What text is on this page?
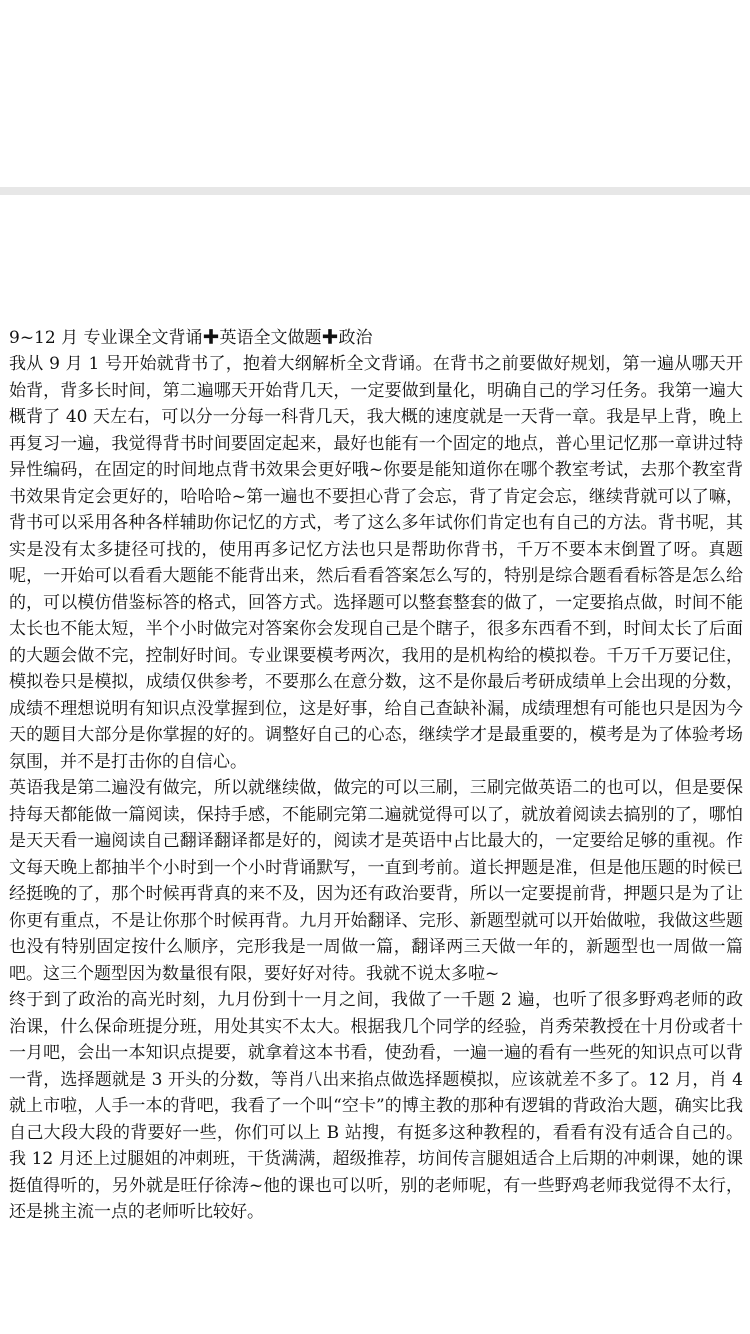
9~12 月 专业课全文背诵✚英语全文做题✚政治

我从 9 月 1 号开始就背书了，抱着大纲解析全文背诵。在背书之前要做好规划，第一遍从哪天开始背，背多长时间，第二遍哪天开始背几天，一定要做到量化，明确自己的学习任务。我第一遍大概背了 40 天左右，可以分一分每一科背几天，我大概的速度就是一天背一章。我是早上背，晚上再复习一遍，我觉得背书时间要固定起来，最好也能有一个固定的地点，普心里记忆那一章讲过特异性编码，在固定的时间地点背书效果会更好哦~你要是能知道你在哪个教室考试，去那个教室背书效果肯定会更好的，哈哈哈~第一遍也不要担心背了会忘，背了肯定会忘，继续背就可以了嘛，背书可以采用各种各样辅助你记忆的方式，考了这么多年试你们肯定也有自己的方法。背书呢，其实是没有太多捷径可找的，使用再多记忆方法也只是帮助你背书，千万不要本末倒置了呀。真题呢，一开始可以看看大题能不能背出来，然后看看答案怎么写的，特别是综合题看看标答是怎么给的，可以模仿借鉴标答的格式，回答方式。选择题可以整套整套的做了，一定要掐点做，时间不能太长也不能太短，半个小时做完对答案你会发现自己是个瞎子，很多东西看不到，时间太长了后面的大题会做不完，控制好时间。专业课要模考两次，我用的是机构给的模拟卷。千万千万要记住，模拟卷只是模拟，成绩仅供参考，不要那么在意分数，这不是你最后考研成绩单上会出现的分数，成绩不理想说明有知识点没掌握到位，这是好事，给自己查缺补漏，成绩理想有可能也只是因为今天的题目大部分是你掌握的好的。调整好自己的心态，继续学才是最重要的，模考是为了体验考场氛围，并不是打击你的自信心。

英语我是第二遍没有做完，所以就继续做，做完的可以三刷，三刷完做英语二的也可以，但是要保持每天都能做一篇阅读，保持手感，不能刷完第二遍就觉得可以了，就放着阅读去搞别的了，哪怕是天天看一遍阅读自己翻译翻译都是好的，阅读才是英语中占比最大的，一定要给足够的重视。作文每天晚上都抽半个小时到一个小时背诵默写，一直到考前。道长押题是准，但是他压题的时候已经挺晚的了，那个时候再背真的来不及，因为还有政治要背，所以一定要提前背，押题只是为了让你更有重点，不是让你那个时候再背。九月开始翻译、完形、新题型就可以开始做啦，我做这些题也没有特别固定按什么顺序，完形我是一周做一篇，翻译两三天做一年的，新题型也一周做一篇吧。这三个题型因为数量很有限，要好好对待。我就不说太多啦~

终于到了政治的高光时刻，九月份到十一月之间，我做了一千题 2 遍，也听了很多野鸡老师的政治课，什么保命班提分班，用处其实不太大。根据我几个同学的经验，肖秀荣教授在十月份或者十一月吧，会出一本知识点提要，就拿着这本书看，使劲看，一遍一遍的看有一些死的知识点可以背一背，选择题就是 3 开头的分数，等肖八出来掐点做选择题模拟，应该就差不多了。12 月，肖 4 就上市啦，人手一本的背吧，我看了一个叫“空卡”的博主教的那种有逻辑的背政治大题，确实比我自己大段大段的背要好一些，你们可以上 B 站搜，有挺多这种教程的，看看有没有适合自己的。我 12 月还上过腿姐的冲刺班，干货满满，超级推荐，坊间传言腿姐适合上后期的冲刺课，她的课挺值得听的，另外就是旺仔徐涛~他的课也可以听，别的老师呢，有一些野鸡老师我觉得不太行，还是挑主流一点的老师听比较好。
